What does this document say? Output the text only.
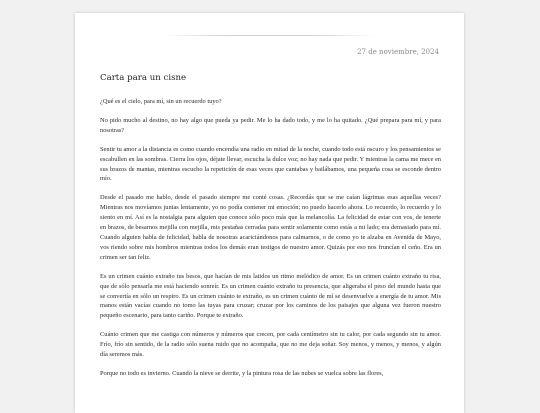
27 de noviembre, 2024
Carta para un cisne

¿Qué es el cielo, para mí, sin un recuerdo tuyo?

No pido mucho al destino, no hay algo que pueda ya pedir. Me lo ha dado todo, y me lo ha quitado. ¿Qué prepara para mí, y para nosotras?

Sentir tu amor a la distancia es como cuando encendía una radio en mitad de la noche, cuando todo está oscuro y los pensamientos se escabullen en las sombras. Cierra los ojos, déjate llevar, escucha la dulce voz; no hay nada que pedir. Y mientras la cama me mece en sus brazos de mantas, mientras escucho la repetición de esas veces que cantabas y bailábamos, una pequeña cosa se esconde dentro mío.

Desde el pasado me hablo, desde el pasado siempre me conté cosas. ¿Recordás que se me caían lágrimas esas aquellas veces? Mientras nos movíamos juntas lentamente, yo no podía contener mi emoción; no puedo hacerlo ahora. Lo recuerdo, lo recuerdo y lo siento en mí. Así es la nostalgia para alguien que conoce sólo poco más que la melancolía. La felicidad de estar con vos, de tenerte en brazos, de besarnos mejilla con mejilla, mis pestañas cerradas para sentir solamente como estás a mi lado; era demasiado para mí. Cuando alguien habla de felicidad, habla de nosotras acariciándonos para calmarnos, o de como yo te alzaba en Avenida de Mayo, vos riendo sobre mis hombros mientras todos los demás eran testigos de nuestro amor. Quizás por eso nos fruncían el ceño. Era un crimen ser tan feliz.

Es un crimen cuánto extraño tus besos, que hacían de mis latidos un ritmo melódico de amor. Es un crimen cuánto extraño tu risa, que de sólo pensarla me está haciendo sonreír. Es un crimen cuánto extraño tu presencia, que aligeraba el peso del mundo hasta que se convertía en sólo un respiro. Es un crimen cuánto te extraño, es un crimen cuánto de mí se desenvuelve a energía de tu amor. Mis manos están vacías cuando no tomo las tuyas para cruzar; cruzar por los caminos de los paisajes que alguna vez fueron nuestro pequeño escenario, para tanto cariño. Porque te extraño.

Cuánto crimen que me castiga con números y números que crecen, por cada centímetro sin tu calor, por cada segundo sin tu amor. Frío, frío sin sentido, de la radio sólo suena ruido que no acompaña, que no me deja soñar. Soy menos, y menos, y menos, y algún día seremos más.

Porque no todo es invierno. Cuando la nieve se derrite, y la pintura rosa de las nubes se vuelca sobre las flores,
